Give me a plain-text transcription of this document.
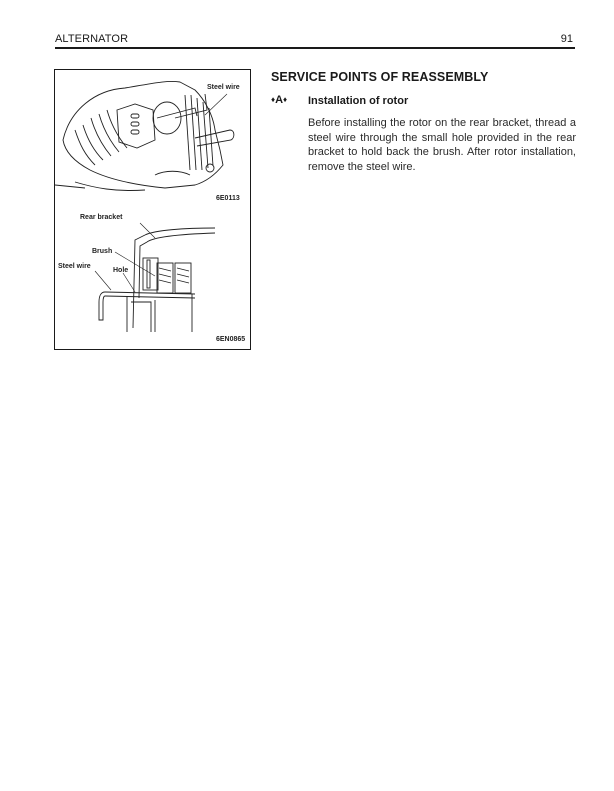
ALTERNATOR	91
Steel wire
6E0113
Rear bracket
Brush
Steel wire
Hole
6EN0865
SERVICE POINTS OF REASSEMBLY
♦A♦ Installation of rotor
Before installing the rotor on the rear bracket, thread a steel wire through the small hole provided in the rear bracket to hold back the brush. After rotor installation, remove the steel wire.
